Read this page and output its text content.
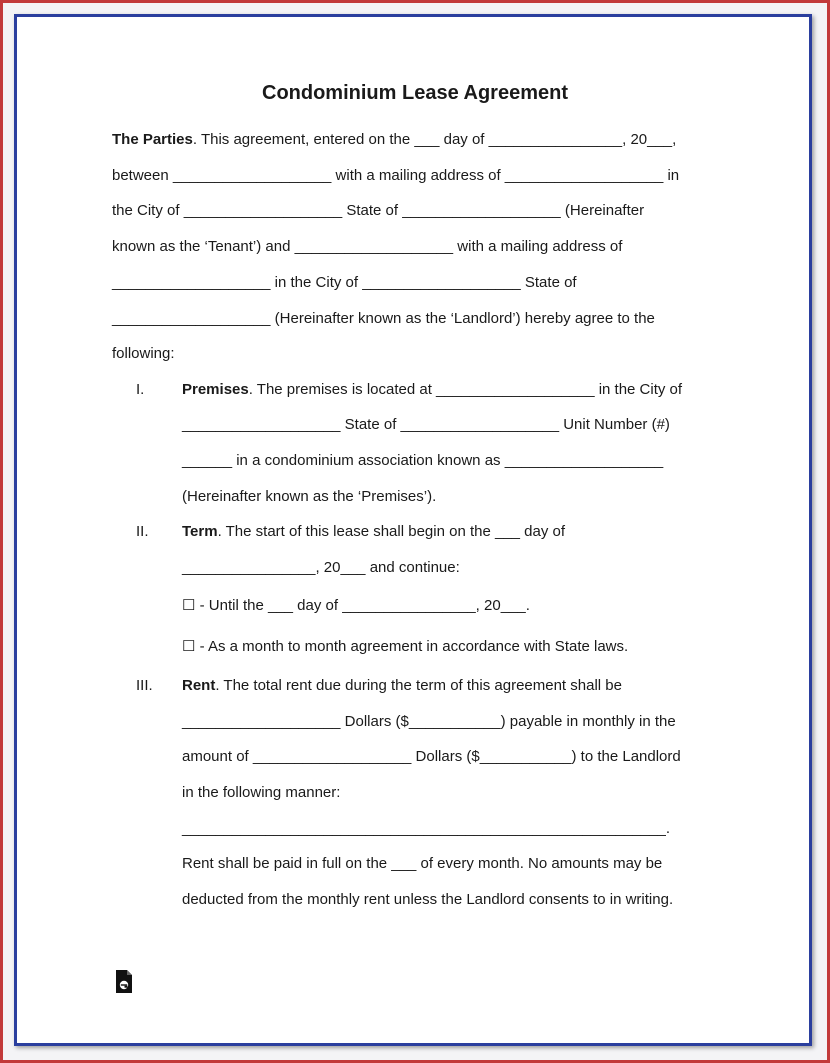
Condominium Lease Agreement
The Parties. This agreement, entered on the ___ day of ________________, 20___,
between ___________________ with a mailing address of ___________________ in
the City of ___________________ State of ___________________ (Hereinafter
known as the ‘Tenant’) and ___________________ with a mailing address of
___________________ in the City of ___________________ State of
___________________ (Hereinafter known as the ‘Landlord’) hereby agree to the
following:
I.	Premises. The premises is located at ___________________ in the City of
___________________ State of ___________________ Unit Number (#)
______ in a condominium association known as ___________________
(Hereinafter known as the ‘Premises’).
II. Term. The start of this lease shall begin on the ___ day of
________________, 20___ and continue:
☐ - Until the ___ day of ________________, 20___.
☐ - As a month to month agreement in accordance with State laws.
III. Rent. The total rent due during the term of this agreement shall be
___________________ Dollars ($___________) payable in monthly in the
amount of ___________________ Dollars ($___________) to the Landlord
in the following manner:
__________________________________________________________.
Rent shall be paid in full on the ___ of every month. No amounts may be
deducted from the monthly rent unless the Landlord consents to in writing.
